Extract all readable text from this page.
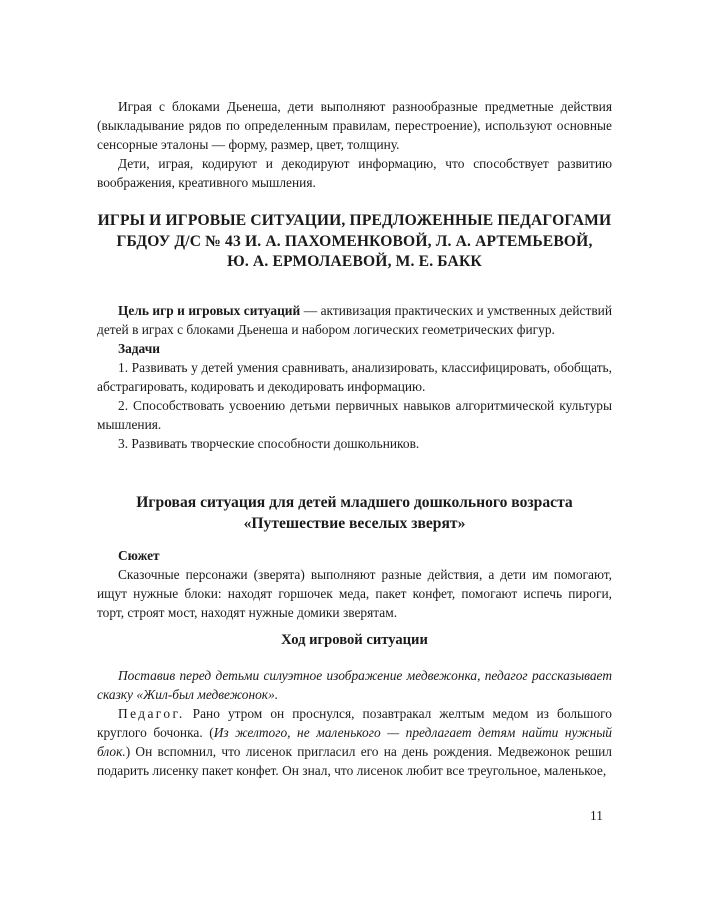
Играя с блоками Дьенеша, дети выполняют разнообразные предметные действия (выкладывание рядов по определенным правилам, перестроение), используют основные сенсорные эталоны — форму, размер, цвет, толщину.

Дети, играя, кодируют и декодируют информацию, что способствует развитию воображения, креативного мышления.

ИГРЫ И ИГРОВЫЕ СИТУАЦИИ, ПРЕДЛОЖЕННЫЕ ПЕДАГОГАМИ
ГБДОУ Д/С № 43 И. А. ПАХОМЕНКОВОЙ, Л. А. АРТЕМЬЕВОЙ,
Ю. А. ЕРМОЛАЕВОЙ, М. Е. БАКК

Цель игр и игровых ситуаций — активизация практических и умственных действий детей в играх с блоками Дьенеша и набором логических геометрических фигур.

Задачи

1. Развивать у детей умения сравнивать, анализировать, классифицировать, обобщать, абстрагировать, кодировать и декодировать информацию.

2. Способствовать усвоению детьми первичных навыков алгоритмической культуры мышления.

3. Развивать творческие способности дошкольников.

Игровая ситуация для детей младшего дошкольного возраста
«Путешествие веселых зверят»
Сюжет

Сказочные персонажи (зверята) выполняют разные действия, а дети им помогают, ищут нужные блоки: находят горшочек меда, пакет конфет, помогают испечь пироги, торт, строят мост, находят нужные домики зверятам.

Ход игровой ситуации

Поставив перед детьми силуэтное изображение медвежонка, педагог рассказывает сказку «Жил-был медвежонок».

Педагог. Рано утром он проснулся, позавтракал желтым медом из большого круглого бочонка. (Из желтого, не маленького — предлагает детям найти нужный блок.) Он вспомнил, что лисенок пригласил его на день рождения. Медвежонок решил подарить лисенку пакет конфет. Он знал, что лисенок любит все треугольное, маленькое,

11
